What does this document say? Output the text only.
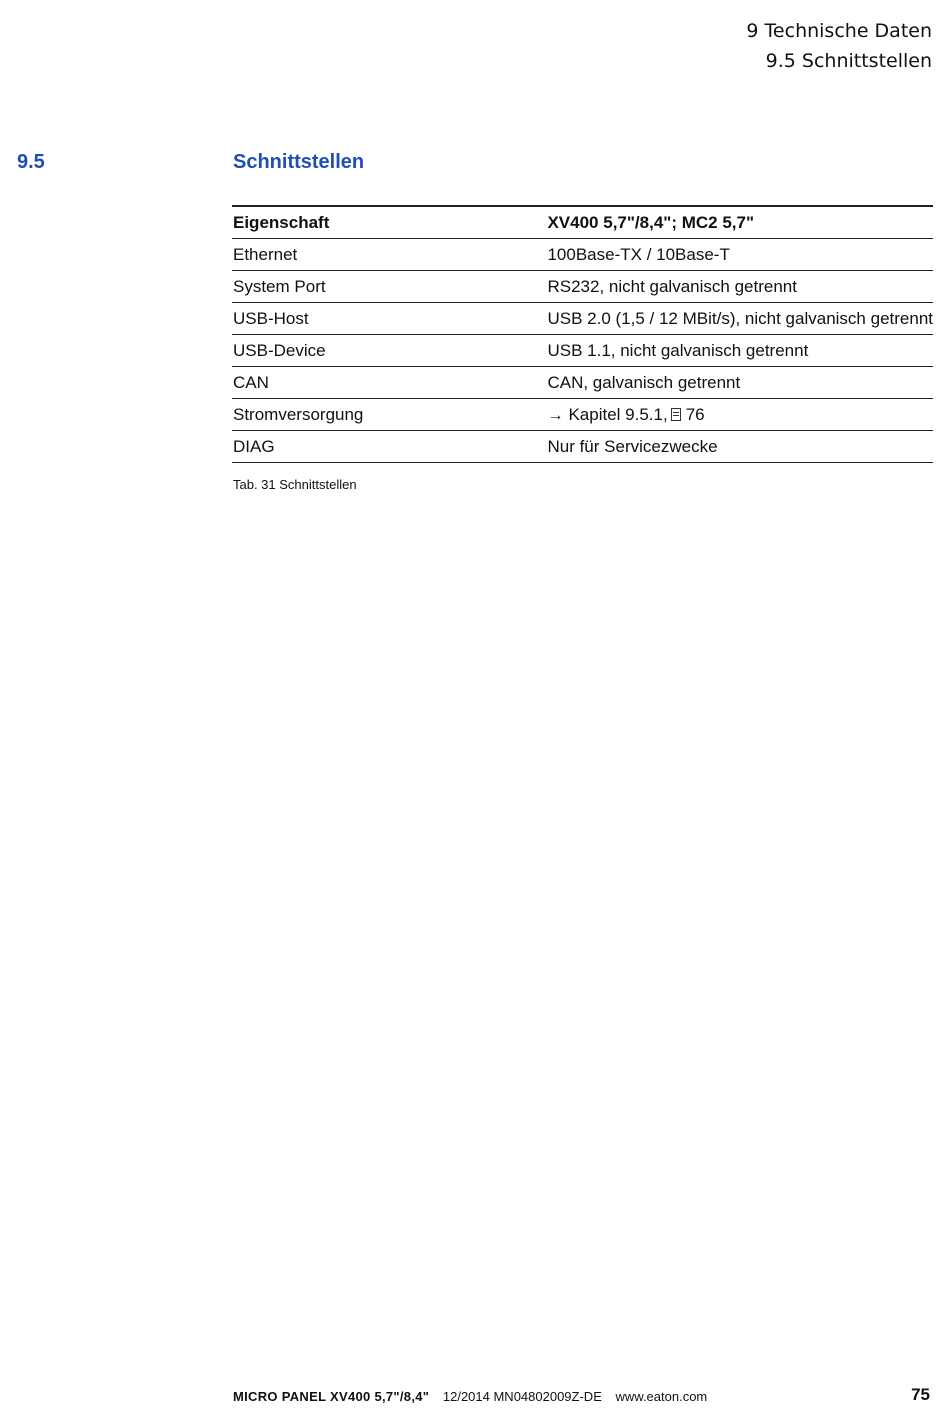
9 Technische Daten
9.5 Schnittstellen
9.5	Schnittstellen
Eigenschaft	XV400 5,7"/8,4"; MC2 5,7"
Ethernet	100Base-TX / 10Base-T
System Port	RS232, nicht galvanisch getrennt
USB-Host	USB 2.0 (1,5 / 12 MBit/s), nicht galvanisch getrennt
USB-Device	USB 1.1, nicht galvanisch getrennt
CAN	CAN, galvanisch getrennt
Stromversorgung	→ Kapitel 9.5.1, 76
DIAG	Nur für Servicezwecke
Tab. 31 Schnittstellen
MICRO PANEL XV400 5,7"/8,4" 12/2014 MN04802009Z-DE www.eaton.com	75
